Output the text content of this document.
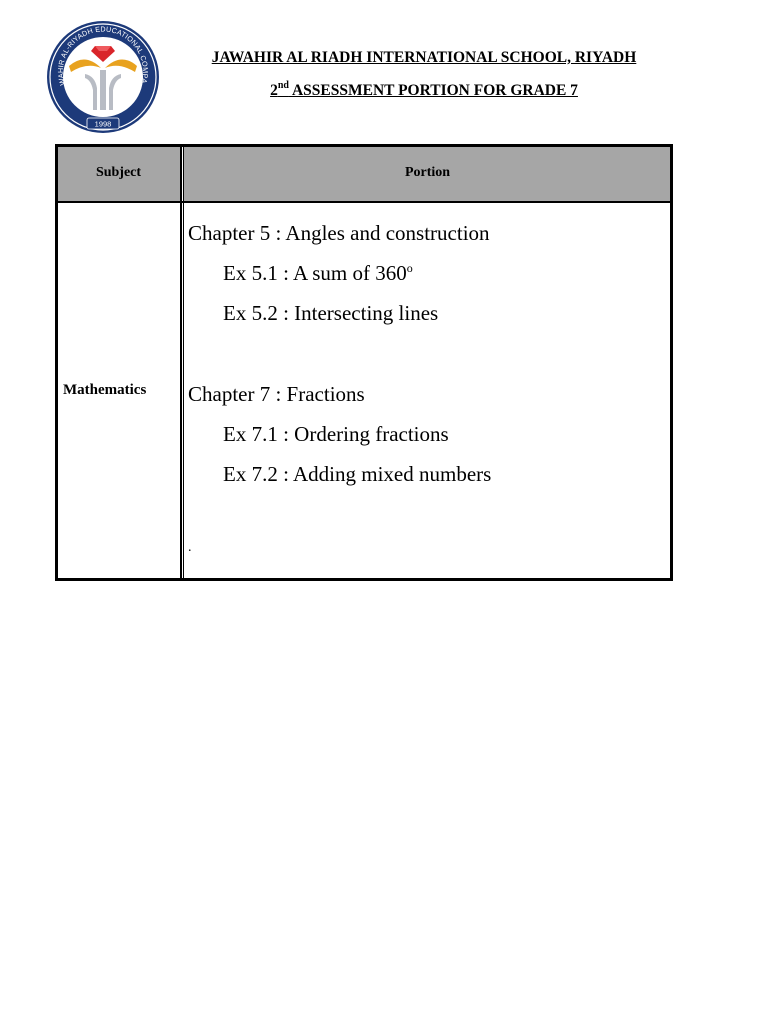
WAHIR AL-RIYADH EDUCATIONAL COMPA
1998
JAWAHIR AL RIADH INTERNATIONAL SCHOOL, RIYADH
2nd ASSESSMENT PORTION FOR GRADE 7
Subject	Portion
Mathematics
Chapter 5 : Angles and construction
Ex 5.1 : A sum of 360$^o$
Ex 5.2 : Intersecting lines
Chapter 7 : Fractions
Ex 7.1 : Ordering fractions
Ex 7.2 : Adding mixed numbers
.
